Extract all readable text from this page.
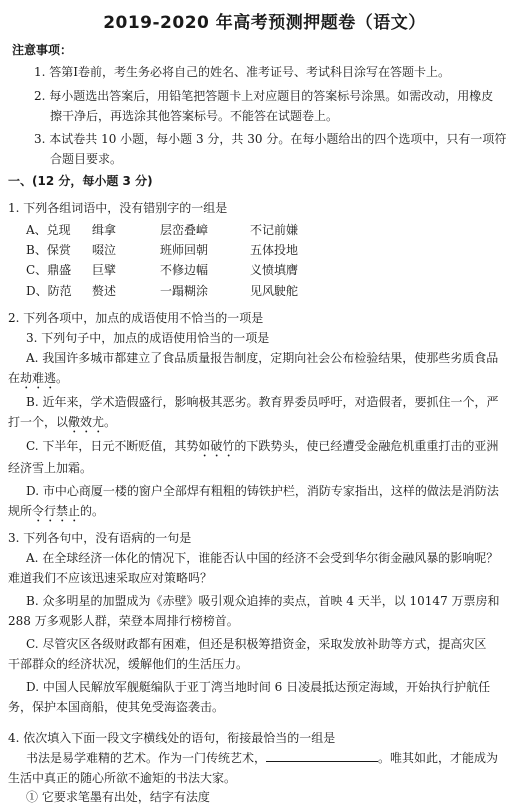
2019-2020 年高考预测押题卷（语文）
注意事项：
1. 答第Ⅰ卷前，考生务必将自己的姓名、准考证号、考试科目涂写在答题卡上。
2. 每小题选出答案后，用铅笔把答题卡上对应题目的答案标号涂黑。如需改动，用橡皮
擦干净后，再选涂其他答案标号。不能答在试题卷上。
3. 本试卷共 10 小题，每小题 3 分，共 30 分。在每小题给出的四个选项中，只有一项符
合题目要求。
一、(12 分，每小题 3 分)
1. 下列各组词语中，没有错别字的一组是
A、兑现 缉拿	层峦叠嶂	不记前嫌
B、保赏 啜泣	班师回朝	五体投地
C、鼎盛 巨擘	不修边幅	义愤填膺
D、防范 赘述	一蹋糊涂	见风駛舵
2. 下列各项中，加点的成语使用不恰当的一项是
3. 下列句子中，加点的成语使用恰当的一项是
A. 我国许多城市都建立了食品质量报告制度，定期向社会公布检验结果，使那些劣质食品
在劫难逃。
B. 近年来，学术造假盛行，影响极其恶劣。教育界委员呼吁，对造假者，要抓住一个，严
打一个，以儆效尤。
C. 下半年，日元不断贬值，其势如破竹的下跌势头，使已经遭受金融危机重重打击的亚洲
经济雪上加霜。
D. 市中心商厦一楼的窗户全部焊有粗粗的铸铁护栏，消防专家指出，这样的做法是消防法
规所令行禁止的。
3. 下列各句中，没有语病的一句是
A. 在全球经济一体化的情况下，谁能否认中国的经济不会受到华尔街金融风暴的影响呢？
难道我们不应该迅速采取应对策略吗？
B. 众多明星的加盟成为《赤壁》吸引观众追捧的卖点，首映 4 天半，以 10147 万票房和
288 万多观影人群，荣登本周排行榜榜首。
C. 尽管灾区各级财政都有困难，但还是积极筹措资金，采取发放补助等方式，提高灾区
干部群众的经济状况，缓解他们的生活压力。
D. 中国人民解放军舰艇编队于亚丁湾当地时间 6 日凌晨抵达预定海域，开始执行护航任
务，保护本国商船，使其免受海盗袭击。
4. 依次填入下面一段文字横线处的语句，衔接最恰当的一组是
书法是易学难精的艺术。作为一门传统艺术，	。唯其如此，才能成为
生活中真正的随心所欲不逾矩的书法大家。
① 它要求笔墨有出处，结字有法度
